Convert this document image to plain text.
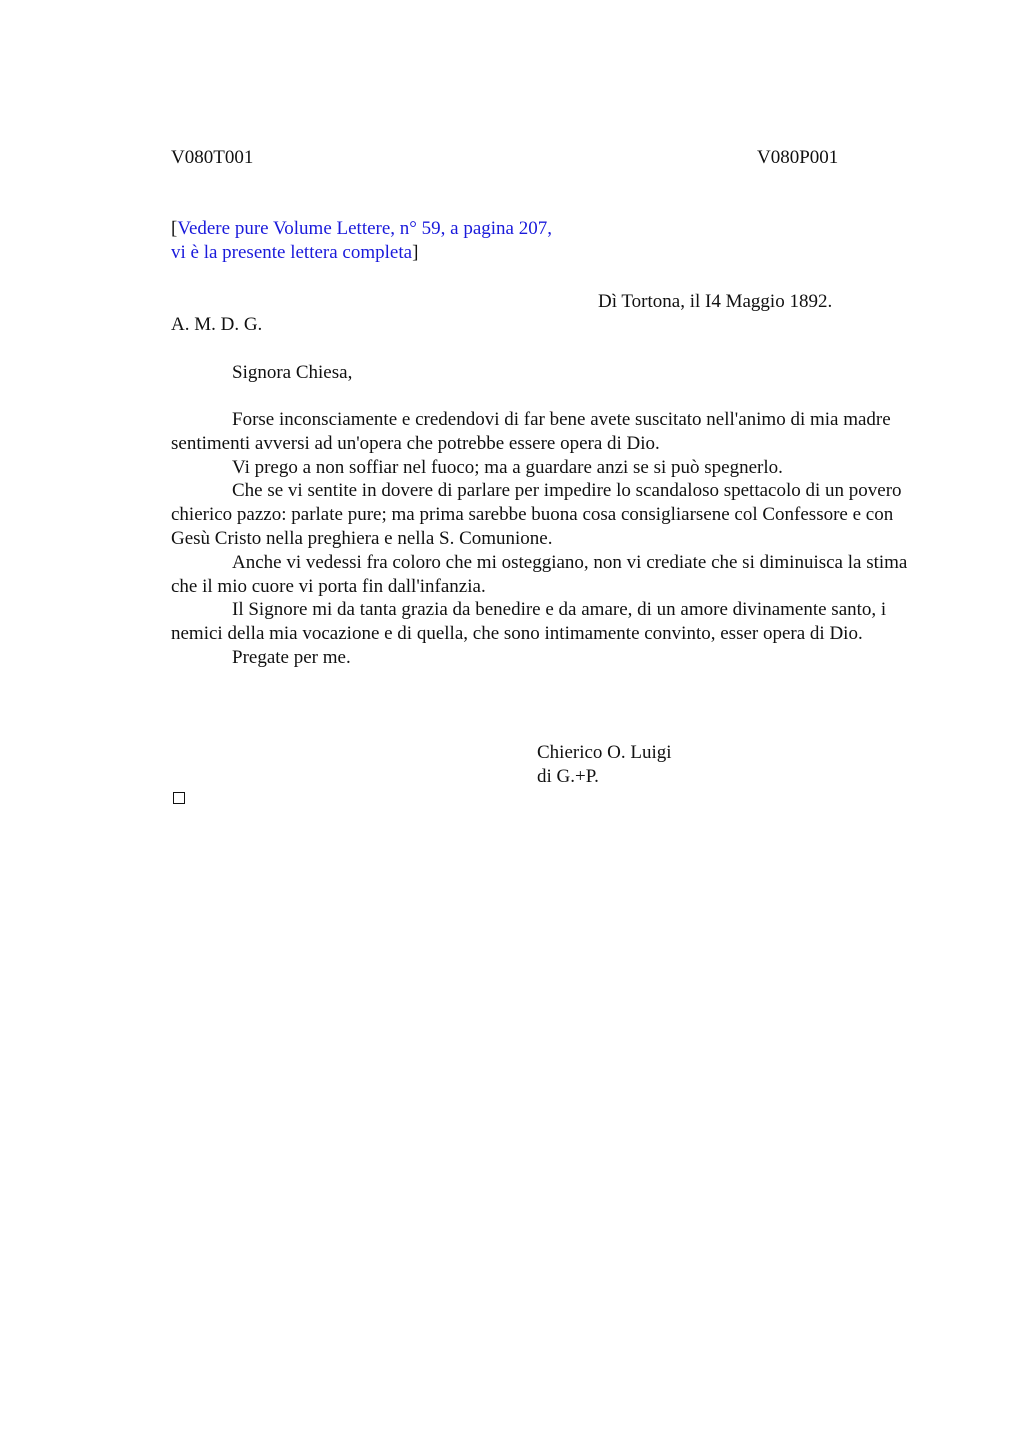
V080T001	V080P001
[Vedere pure Volume Lettere, n° 59, a pagina 207,
vi è la presente lettera completa]
Dì Tortona, il I4 Maggio 1892.
A. M. D. G.
Signora Chiesa,

Forse inconsciamente e credendovi di far bene avete suscitato nell'animo di mia madre sentimenti avversi ad un'opera che potrebbe essere opera di Dio.

Vi prego a non soffiar nel fuoco; ma a guardare anzi se si può spegnerlo.

Che se vi sentite in dovere di parlare per impedire lo scandaloso spettacolo di un povero chierico pazzo: parlate pure; ma prima sarebbe buona cosa consigliarsene col Confessore e con Gesù Cristo nella preghiera e nella S. Comunione.

Anche vi vedessi fra coloro che mi osteggiano, non vi crediate che si diminuisca la stima che il mio cuore vi porta fin dall'infanzia.

Il Signore mi da tanta grazia da benedire e da amare, di un amore divinamente santo, i nemici della mia vocazione e di quella, che sono intimamente convinto, esser opera di Dio.

Pregate per me.

Chierico O. Luigi
di G.+P.
